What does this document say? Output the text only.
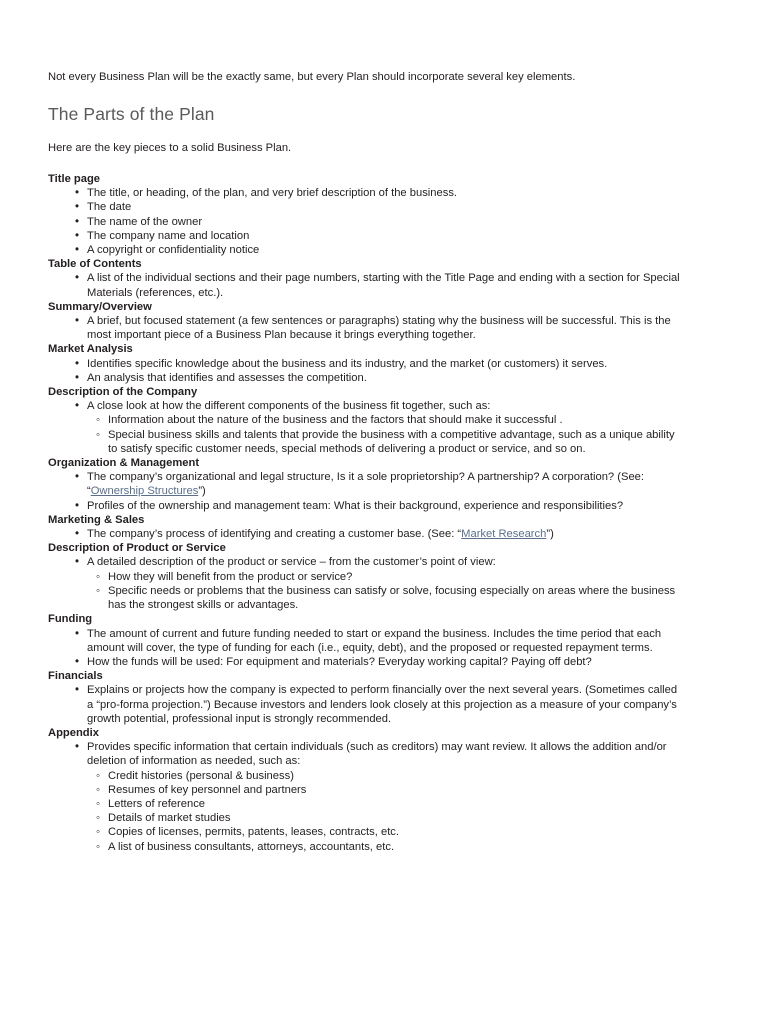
Not every Business Plan will be the exactly same, but every Plan should incorporate several key elements.

The Parts of the Plan

Here are the key pieces to a solid Business Plan.

Title page
• The title, or heading, of the plan, and very brief description of the business.
• The date
• The name of the owner
• The company name and location
• A copyright or confidentiality notice
Table of Contents
• A list of the individual sections and their page numbers, starting with the Title Page and ending with a section for Special Materials (references, etc.).
Summary/Overview
• A brief, but focused statement (a few sentences or paragraphs) stating why the business will be successful. This is the most important piece of a Business Plan because it brings everything together.
Market Analysis
• Identifies specific knowledge about the business and its industry, and the market (or customers) it serves.
• An analysis that identifies and assesses the competition.
Description of the Company
• A close look at how the different components of the business fit together, such as:
◦ Information about the nature of the business and the factors that should make it successful .
◦ Special business skills and talents that provide the business with a competitive advantage, such as a unique ability to satisfy specific customer needs, special methods of delivering a product or service, and so on.
Organization & Management
• The company’s organizational and legal structure, Is it a sole proprietorship? A partnership? A corporation? (See: “Ownership Structures”)
• Profiles of the ownership and management team: What is their background, experience and responsibilities?
Marketing & Sales
• The company’s process of identifying and creating a customer base. (See: “Market Research”)
Description of Product or Service
• A detailed description of the product or service – from the customer’s point of view:
◦ How they will benefit from the product or service?
◦ Specific needs or problems that the business can satisfy or solve, focusing especially on areas where the business has the strongest skills or advantages.
Funding
• The amount of current and future funding needed to start or expand the business. Includes the time period that each amount will cover, the type of funding for each (i.e., equity, debt), and the proposed or requested repayment terms.
• How the funds will be used: For equipment and materials? Everyday working capital? Paying off debt?
Financials
• Explains or projects how the company is expected to perform financially over the next several years. (Sometimes called a “pro-forma projection.”) Because investors and lenders look closely at this projection as a measure of your company’s growth potential, professional input is strongly recommended.
Appendix
• Provides specific information that certain individuals (such as creditors) may want review. It allows the addition and/or deletion of information as needed, such as:
◦ Credit histories (personal & business)
◦ Resumes of key personnel and partners
◦ Letters of reference
◦ Details of market studies
◦ Copies of licenses, permits, patents, leases, contracts, etc.
◦ A list of business consultants, attorneys, accountants, etc.
